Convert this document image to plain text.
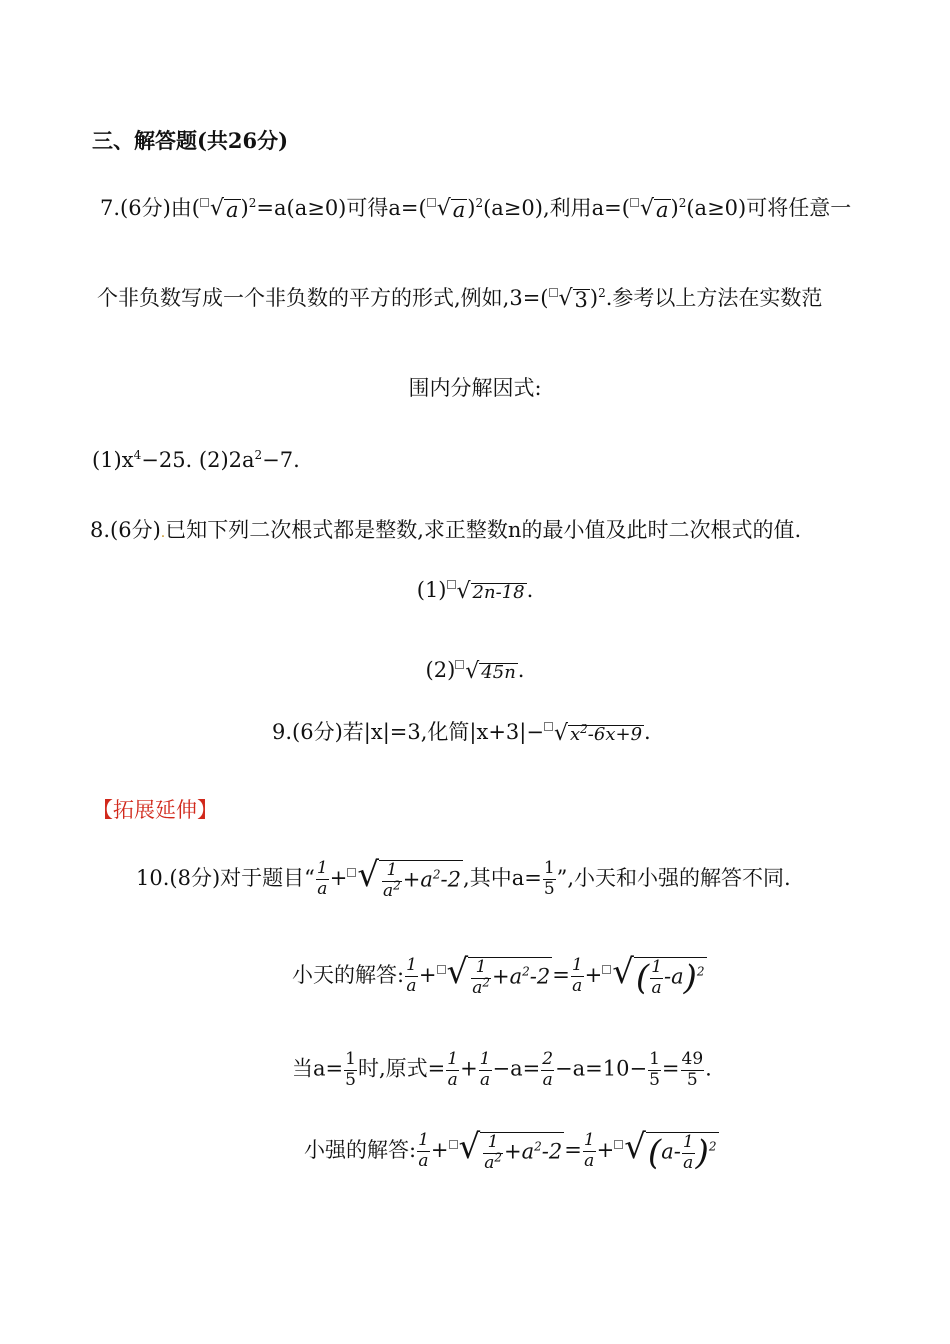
三、解答题(共26分)
7.(6分)由( √a)$^2$=a(a≥0)可得a=( √a)$^2$(a≥0),利用a=( √a)$^2$(a≥0)可将任意一
个非负数写成一个非负数的平方的形式,例如,3=( √3)$^2$.参考以上方法在实数范
围内分解因式:
$(1)x^4-25$. $(2)2a^2-7$.
8.(6分).已知下列二次根式都是整数,求正整数n的最小值及此时二次根式的值.
(1) √ 2n-18.
(2) √ 45n.
9.(6分)若|x|=3,化简|x+3|− √ $x^2-6x+9$.
【拓展延伸】
10.(8分)对于题目“ $\frac{1}{a}$ + √ $\frac{1}{a^2} +a^2-2$,其中$a= \frac{1}{5}$ ”,小天和小强的解答不同.
小天的解答: $\frac{1}{a}$ + √ $\frac{1}{a^2} +a^2-2= \frac{1}{a}$ + √( $\frac{1}{a} -a)^2$
当$a= \frac{1}{5}$ 时,原式= $\frac{1}{a} + \frac{1}{a} -a= \frac{2}{a} -a=10- \frac{1}{5} = \frac{49}{5}$ .
小强的解答: $\frac{1}{a}$ + √ $\frac{1}{a^2} +a^2-2= \frac{1}{a} + √(a- \frac{1}{a} )^2$
